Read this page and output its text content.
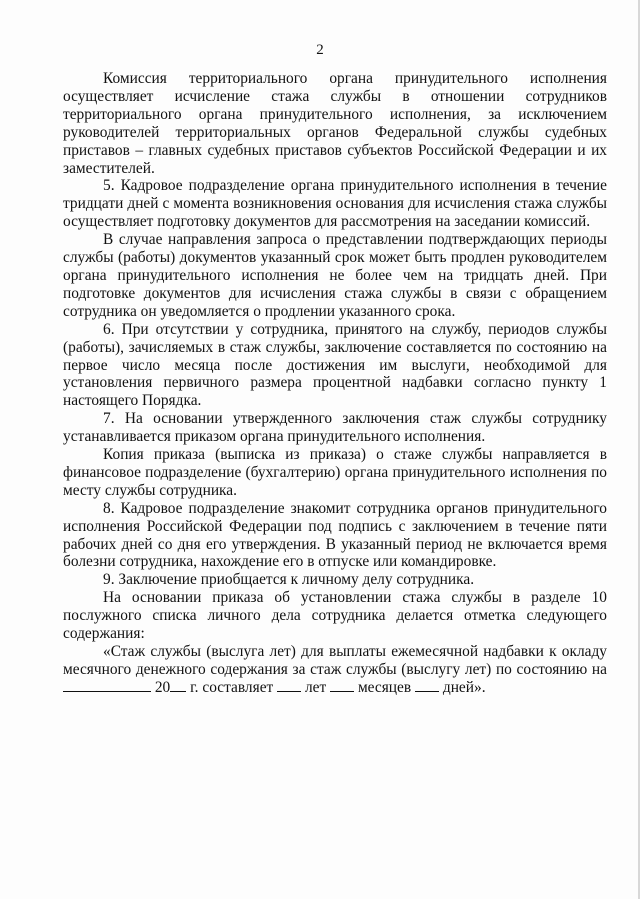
2

Комиссия территориального органа принудительного исполнения осуществляет исчисление стажа службы в отношении сотрудников территориального органа принудительного исполнения, за исключением руководителей территориальных органов Федеральной службы судебных приставов – главных судебных приставов субъектов Российской Федерации и их заместителей.

5. Кадровое подразделение органа принудительного исполнения в течение тридцати дней с момента возникновения основания для исчисления стажа службы осуществляет подготовку документов для рассмотрения на заседании комиссий.

В случае направления запроса о представлении подтверждающих периоды службы (работы) документов указанный срок может быть продлен руководителем органа принудительного исполнения не более чем на тридцать дней. При подготовке документов для исчисления стажа службы в связи с обращением сотрудника он уведомляется о продлении указанного срока.

6. При отсутствии у сотрудника, принятого на службу, периодов службы (работы), зачисляемых в стаж службы, заключение составляется по состоянию на первое число месяца после достижения им выслуги, необходимой для установления первичного размера процентной надбавки согласно пункту 1 настоящего Порядка.

7. На основании утвержденного заключения стаж службы сотруднику устанавливается приказом органа принудительного исполнения.

Копия приказа (выписка из приказа) о стаже службы направляется в финансовое подразделение (бухгалтерию) органа принудительного исполнения по месту службы сотрудника.

8. Кадровое подразделение знакомит сотрудника органов принудительного исполнения Российской Федерации под подпись с заключением в течение пяти рабочих дней со дня его утверждения. В указанный период не включается время болезни сотрудника, нахождение его в отпуске или командировке.

9. Заключение приобщается к личному делу сотрудника.

На основании приказа об установлении стажа службы в разделе 10 послужного списка личного дела сотрудника делается отметка следующего содержания:

«Стаж службы (выслуга лет) для выплаты ежемесячной надбавки к окладу месячного денежного содержания за стаж службы (выслугу лет) по состоянию на  20 г. составляет лет месяцев дней».
